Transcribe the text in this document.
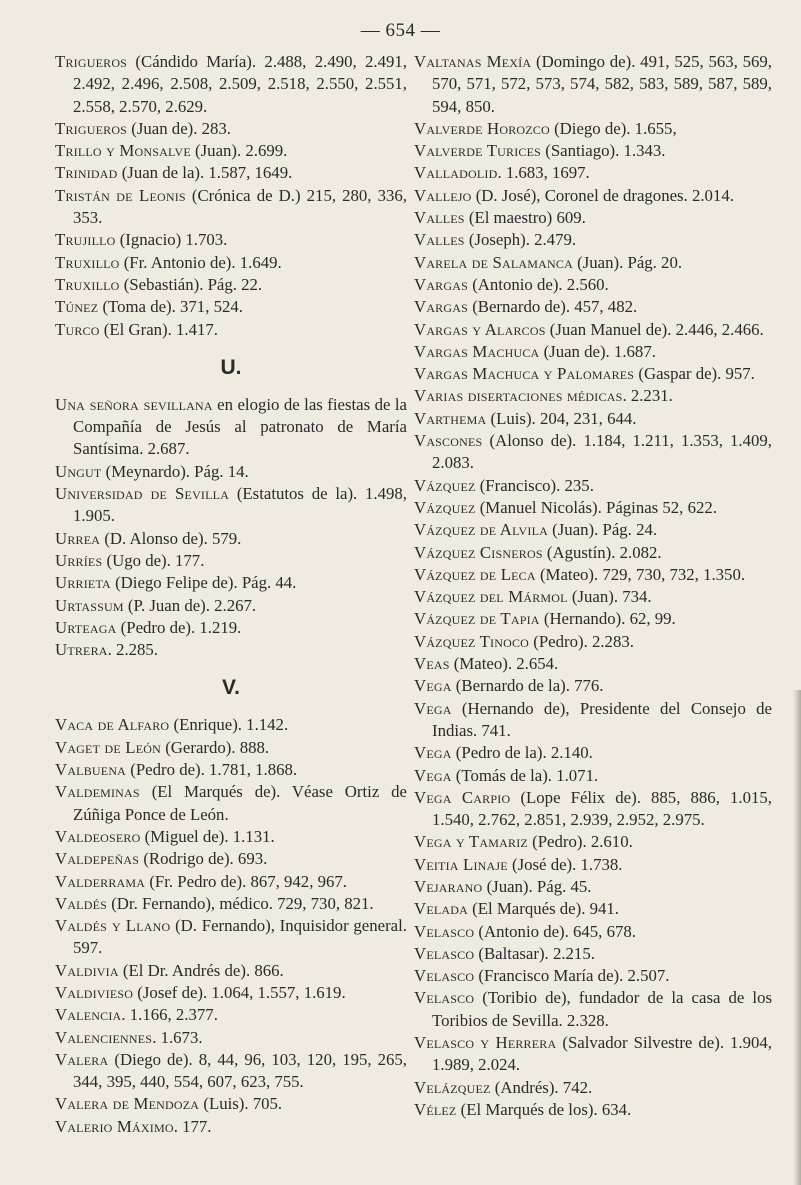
— 654 —

Trigueros (Cándido María). 2.488, 2.490, 2.491, 2.492, 2.496, 2.508, 2.509, 2.518, 2.550, 2.551, 2.558, 2.570, 2.629.

Trigueros (Juan de). 283.

Trillo y Monsalve (Juan). 2.699.

Trinidad (Juan de la). 1.587, 1649.

Tristán de Leonis (Crónica de D.) 215, 280, 336, 353.

Trujillo (Ignacio) 1.703.

Truxillo (Fr. Antonio de). 1.649.

Truxillo (Sebastián). Pág. 22.

Túnez (Toma de). 371, 524.

Turco (El Gran). 1.417.

U.

Una señora sevillana en elogio de las fiestas de la Compañía de Jesús al patronato de María Santísima. 2.687.

Ungut (Meynardo). Pág. 14.

Universidad de Sevilla (Estatutos de la). 1.498, 1.905.

Urrea (D. Alonso de). 579.

Urríes (Ugo de). 177.

Urrieta (Diego Felipe de). Pág. 44.

Urtassum (P. Juan de). 2.267.

Urteaga (Pedro de). 1.219.

Utrera. 2.285.

V.

Vaca de Alfaro (Enrique). 1.142.

Vaget de León (Gerardo). 888.

Valbuena (Pedro de). 1.781, 1.868.

Valdeminas (El Marqués de). Véase Ortiz de Zúñiga Ponce de León.

Valdeosero (Miguel de). 1.131.

Valdepeñas (Rodrigo de). 693.

Valderrama (Fr. Pedro de). 867, 942, 967.

Valdés (Dr. Fernando), médico. 729, 730, 821.

Valdés y Llano (D. Fernando), Inquisidor general. 597.

Valdivia (El Dr. Andrés de). 866.

Valdivieso (Josef de). 1.064, 1.557, 1.619.

Valencia. 1.166, 2.377.

Valenciennes. 1.673.

Valera (Diego de). 8, 44, 96, 103, 120, 195, 265, 344, 395, 440, 554, 607, 623, 755.

Valera de Mendoza (Luis). 705.

Valerio Máximo. 177.

Valtanas Mexía (Domingo de). 491, 525, 563, 569, 570, 571, 572, 573, 574, 582, 583, 589, 587, 589, 594, 850.

Valverde Horozco (Diego de). 1.655,

Valverde Turices (Santiago). 1.343.

Valladolid. 1.683, 1697.

Vallejo (D. José), Coronel de dragones. 2.014.

Valles (El maestro) 609.

Valles (Joseph). 2.479.

Varela de Salamanca (Juan). Pág. 20.

Vargas (Antonio de). 2.560.

Vargas (Bernardo de). 457, 482.

Vargas y Alarcos (Juan Manuel de). 2.446, 2.466.

Vargas Machuca (Juan de). 1.687.

Vargas Machuca y Palomares (Gaspar de). 957.

Varias disertaciones médicas. 2.231.

Varthema (Luis). 204, 231, 644.

Vascones (Alonso de). 1.184, 1.211, 1.353, 1.409, 2.083.

Vázquez (Francisco). 235.

Vázquez (Manuel Nicolás). Páginas 52, 622.

Vázquez de Alvila (Juan). Pág. 24.

Vázquez Cisneros (Agustín). 2.082.

Vázquez de Leca (Mateo). 729, 730, 732, 1.350.

Vázquez del Mármol (Juan). 734.

Vázquez de Tapia (Hernando). 62, 99.

Vázquez Tinoco (Pedro). 2.283.

Veas (Mateo). 2.654.

Vega (Bernardo de la). 776.

Vega (Hernando de), Presidente del Consejo de Indias. 741.

Vega (Pedro de la). 2.140.

Vega (Tomás de la). 1.071.

Vega Carpio (Lope Félix de). 885, 886, 1.015, 1.540, 2.762, 2.851, 2.939, 2.952, 2.975.

Vega y Tamariz (Pedro). 2.610.

Veitia Linaje (José de). 1.738.

Vejarano (Juan). Pág. 45.

Velada (El Marqués de). 941.

Velasco (Antonio de). 645, 678.

Velasco (Baltasar). 2.215.

Velasco (Francisco María de). 2.507.

Velasco (Toribio de), fundador de la casa de los Toribios de Sevilla. 2.328.

Velasco y Herrera (Salvador Silvestre de). 1.904, 1.989, 2.024.

Velázquez (Andrés). 742.

Vélez (El Marqués de los). 634.
